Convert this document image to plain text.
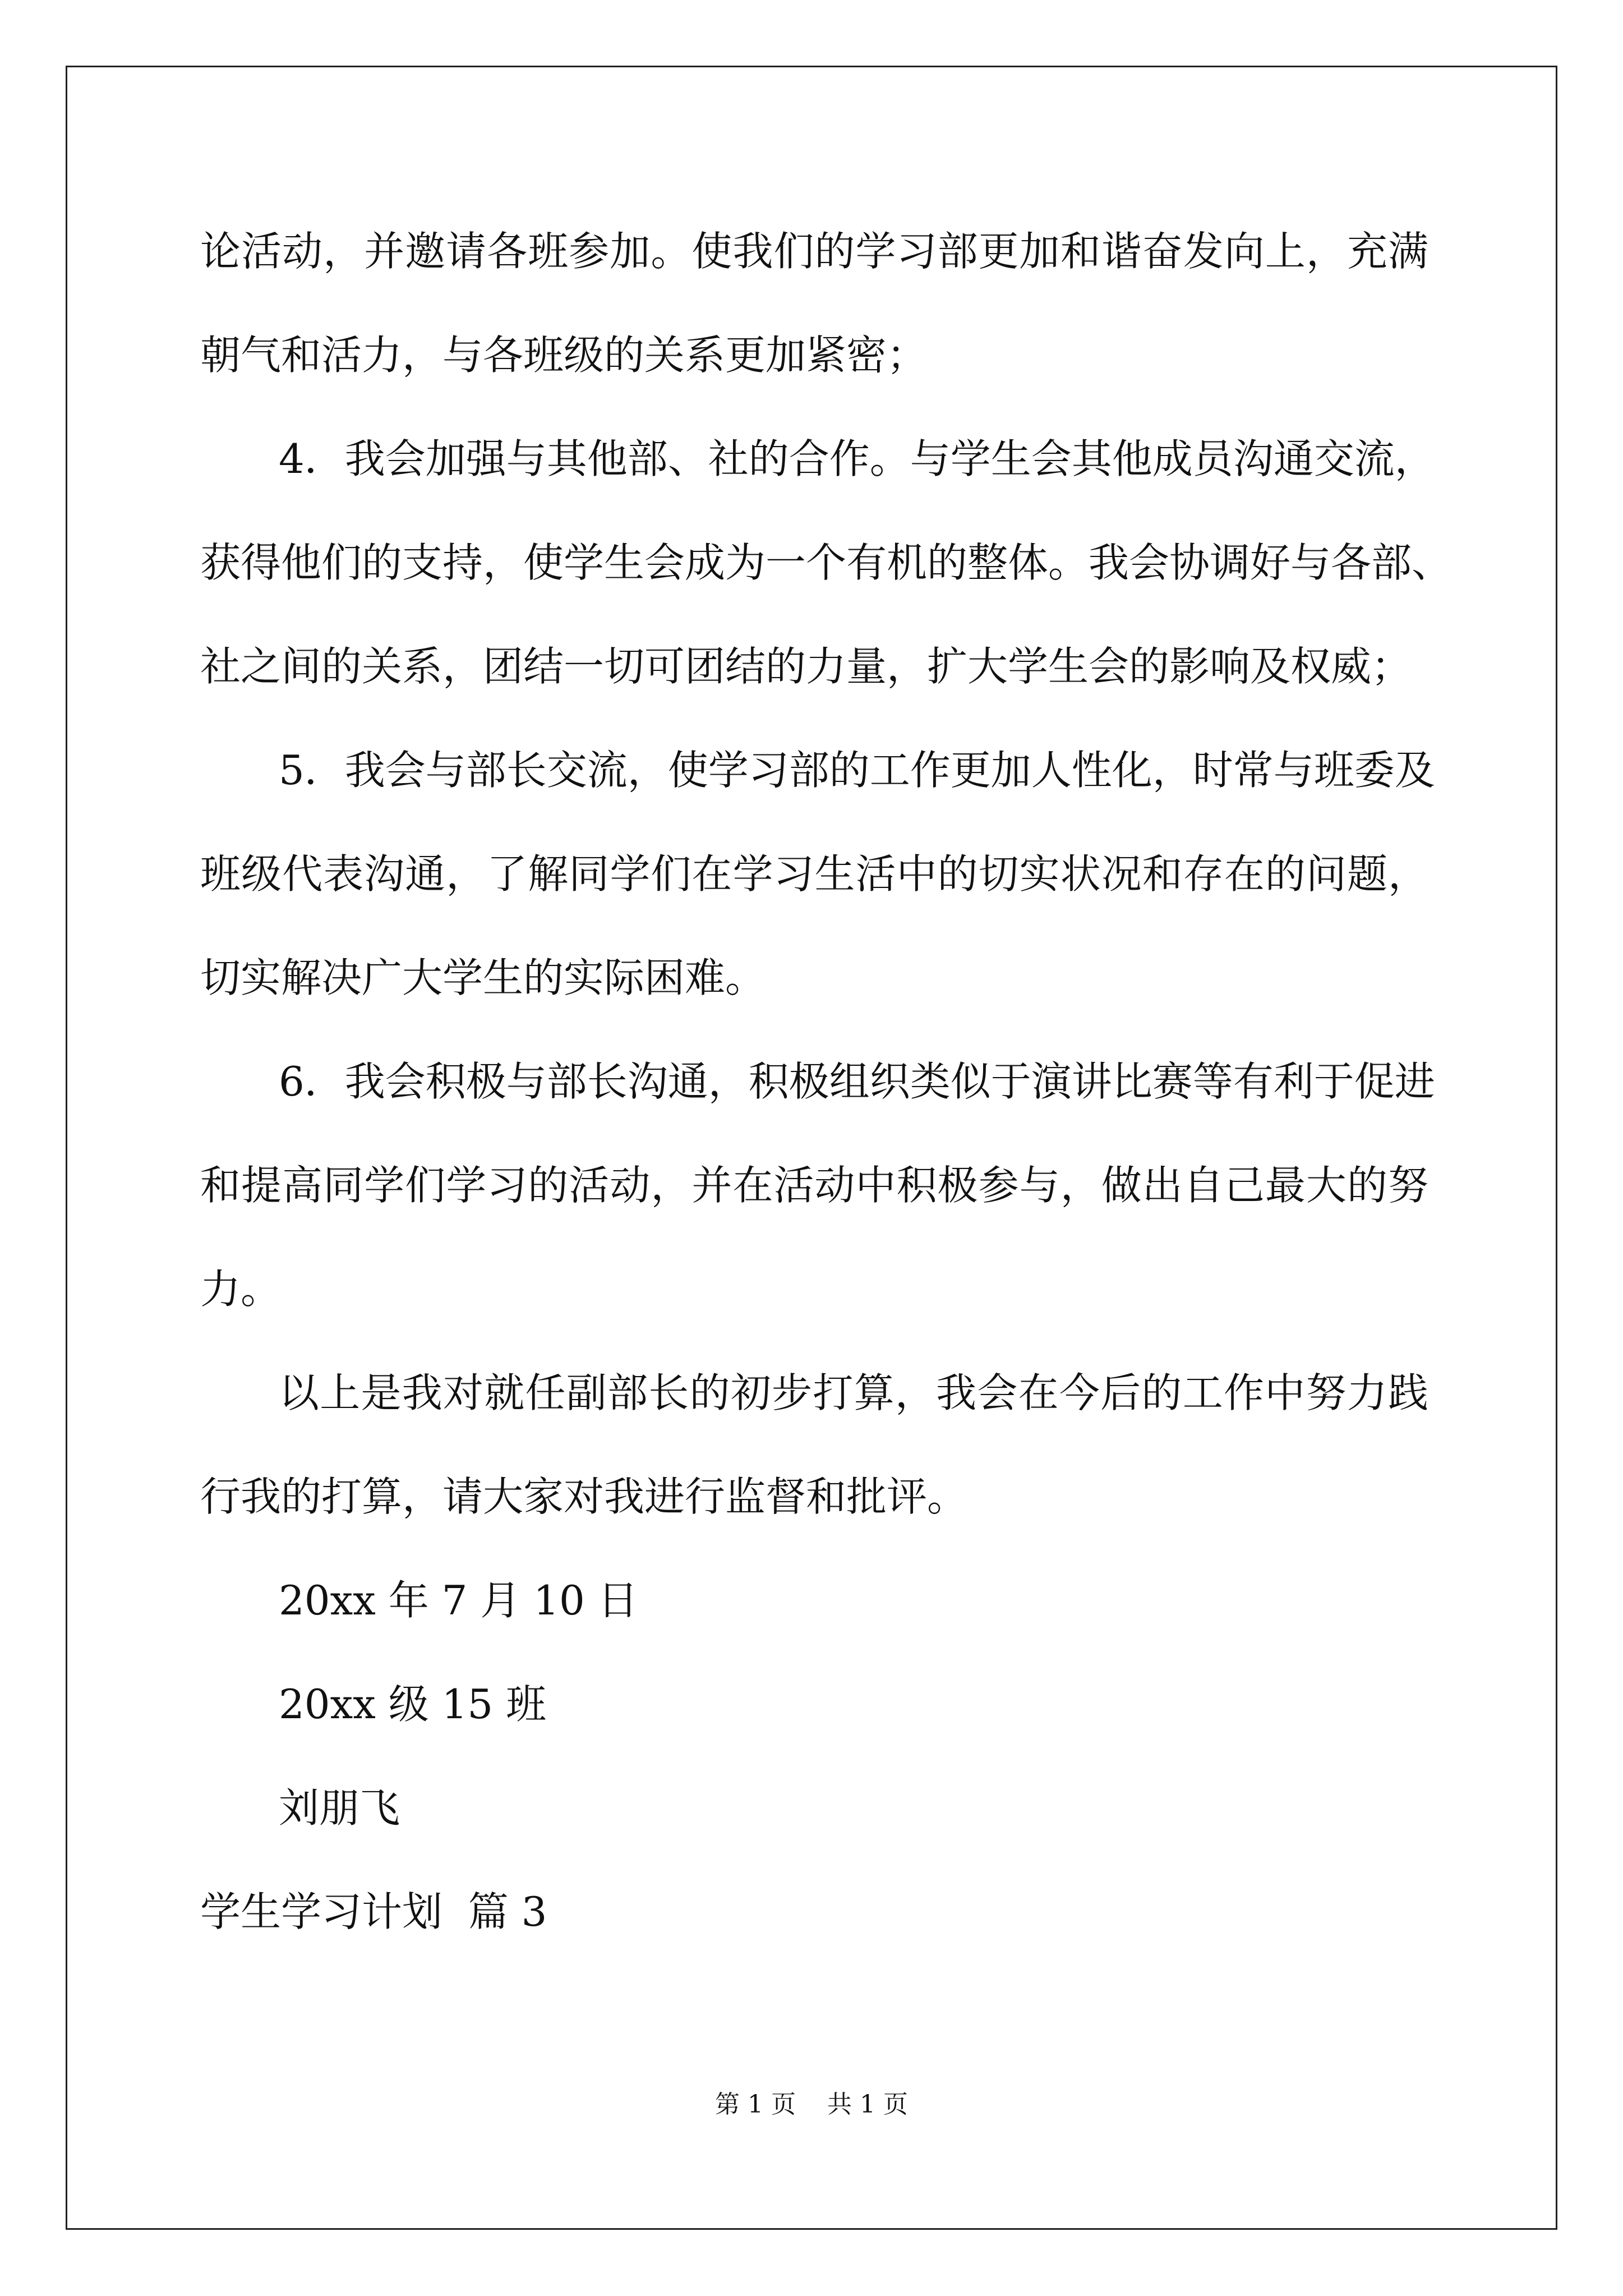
论活动，并邀请各班参加。使我们的学习部更加和谐奋发向上，充满
朝气和活力，与各班级的关系更加紧密；
4．我会加强与其他部、社的合作。与学生会其他成员沟通交流，
获得他们的支持，使学生会成为一个有机的整体。我会协调好与各部、
社之间的关系，团结一切可团结的力量，扩大学生会的影响及权威；
5．我会与部长交流，使学习部的工作更加人性化，时常与班委及
班级代表沟通，了解同学们在学习生活中的切实状况和存在的问题，
切实解决广大学生的实际困难。
6．我会积极与部长沟通，积极组织类似于演讲比赛等有利于促进
和提高同学们学习的活动，并在活动中积极参与，做出自己最大的努
力。
以上是我对就任副部长的初步打算，我会在今后的工作中努力践
行我的打算，请大家对我进行监督和批评。
20xx 年 7 月 10 日
20xx 级 15 班
刘朋飞
学生学习计划  篇 3
第 1 页    共 1 页
